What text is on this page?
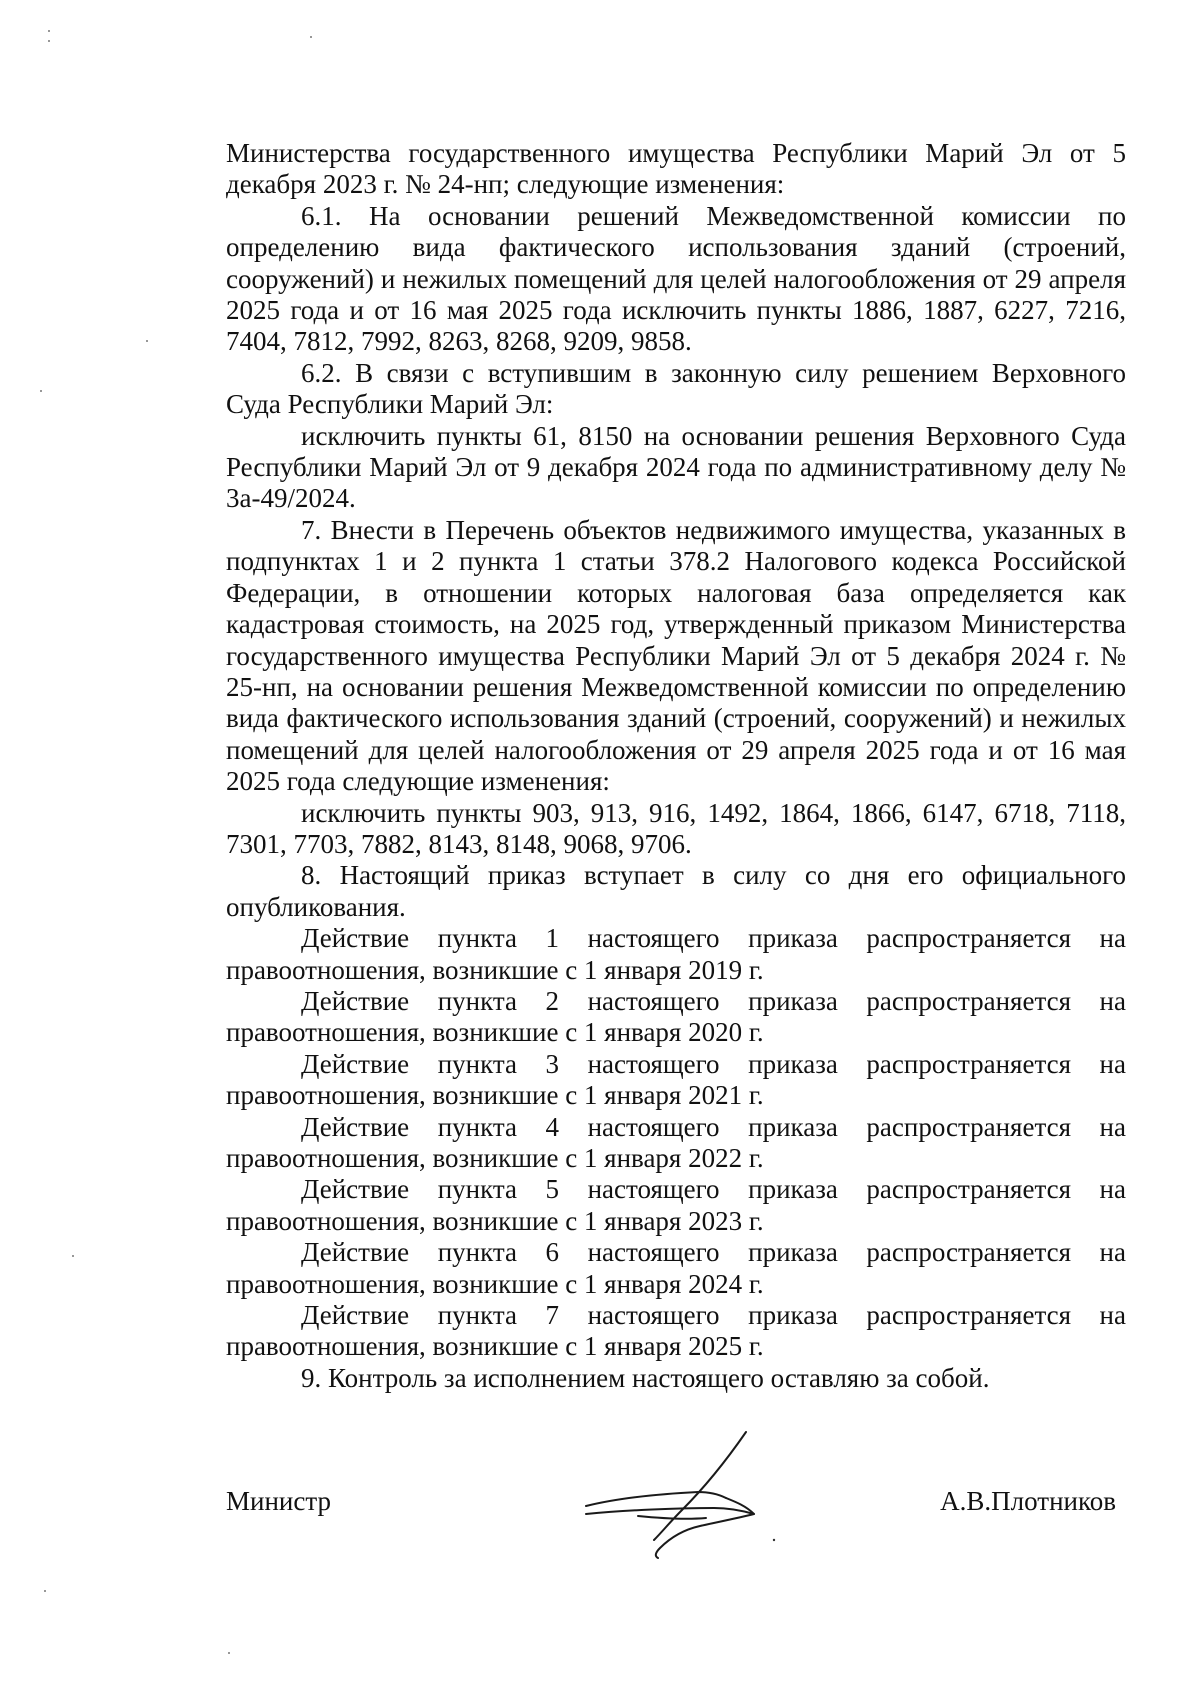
Министерства государственного имущества Республики Марий Эл от 5 декабря 2023 г. № 24-нп; следующие изменения:

6.1. На основании решений Межведомственной комиссии по определению вида фактического использования зданий (строений, сооружений) и нежилых помещений для целей налогообложения от 29 апреля 2025 года и от 16 мая 2025 года исключить пункты 1886, 1887, 6227, 7216, 7404, 7812, 7992, 8263, 8268, 9209, 9858.

6.2. В связи с вступившим в законную силу решением Верховного Суда Республики Марий Эл:

исключить пункты 61, 8150 на основании решения Верховного Суда Республики Марий Эл от 9 декабря 2024 года по административному делу № 3а-49/2024.

7. Внести в Перечень объектов недвижимого имущества, указанных в подпунктах 1 и 2 пункта 1 статьи 378.2 Налогового кодекса Российской Федерации, в отношении которых налоговая база определяется как кадастровая стоимость, на 2025 год, утвержденный приказом Министерства государственного имущества Республики Марий Эл от 5 декабря 2024 г. № 25-нп, на основании решения Межведомственной комиссии по определению вида фактического использования зданий (строений, сооружений) и нежилых помещений для целей налогообложения от 29 апреля 2025 года и от 16 мая 2025 года следующие изменения:

исключить пункты 903, 913, 916, 1492, 1864, 1866, 6147, 6718, 7118, 7301, 7703, 7882, 8143, 8148, 9068, 9706.

8. Настоящий приказ вступает в силу со дня его официального опубликования.

Действие пункта 1 настоящего приказа распространяется на правоотношения, возникшие с 1 января 2019 г.

Действие пункта 2 настоящего приказа распространяется на правоотношения, возникшие с 1 января 2020 г.

Действие пункта 3 настоящего приказа распространяется на правоотношения, возникшие с 1 января 2021 г.

Действие пункта 4 настоящего приказа распространяется на правоотношения, возникшие с 1 января 2022 г.

Действие пункта 5 настоящего приказа распространяется на правоотношения, возникшие с 1 января 2023 г.

Действие пункта 6 настоящего приказа распространяется на правоотношения, возникшие с 1 января 2024 г.

Действие пункта 7 настоящего приказа распространяется на правоотношения, возникшие с 1 января 2025 г.

9. Контроль за исполнением настоящего оставляю за собой.

Министр	А.В.Плотников
